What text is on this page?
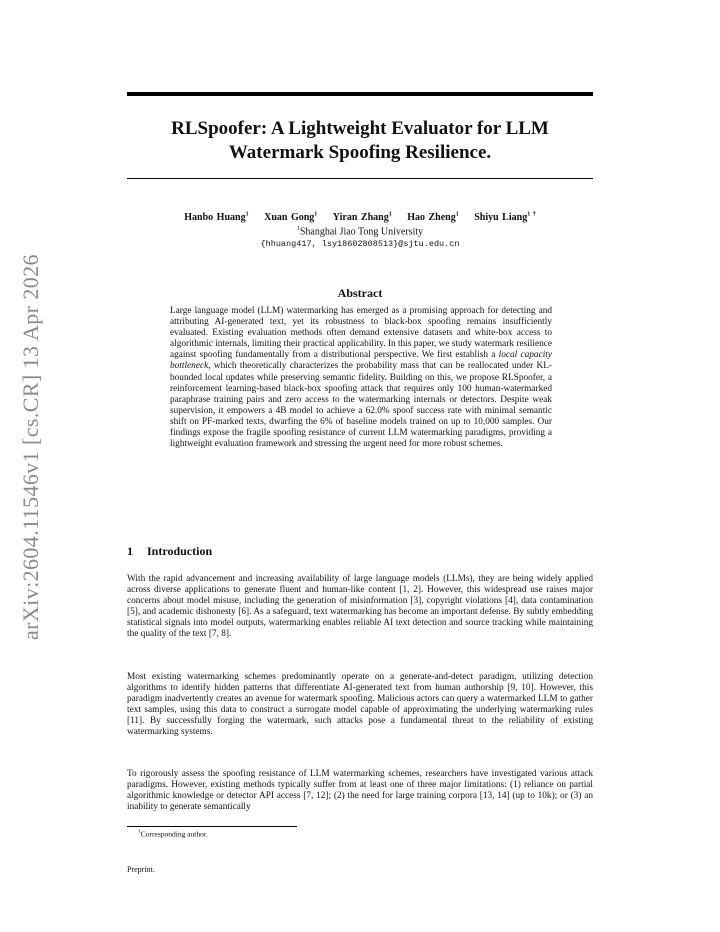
arXiv:2604.11546v1 [cs.CR] 13 Apr 2026
RLSpoofer: A Lightweight Evaluator for LLM Watermark Spoofing Resilience.
Hanbo Huang$^1$ Xuan Gong$^1$ Yiran Zhang$^1$ Hao Zheng$^1$ Shiyu Liang$^{1 \dagger}$
$^1$Shanghai Jiao Tong University
{hhuang417, lsy18602808513}@sjtu.edu.cn
Abstract
Large language model (LLM) watermarking has emerged as a promising approach for detecting and attributing AI-generated text, yet its robustness to black-box spoofing remains insufficiently evaluated. Existing evaluation methods often demand extensive datasets and white-box access to algorithmic internals, limiting their practical applicability. In this paper, we study watermark resilience against spoofing fundamentally from a distributional perspective. We first establish a local capacity bottleneck, which theoretically characterizes the probability mass that can be reallocated under KL-bounded local updates while preserving semantic fidelity. Building on this, we propose RLSpoofer, a reinforcement learning-based black-box spoofing attack that requires only 100 human-watermarked paraphrase training pairs and zero access to the watermarking internals or detectors. Despite weak supervision, it empowers a 4B model to achieve a 62.0% spoof success rate with minimal semantic shift on PF-marked texts, dwarfing the 6% of baseline models trained on up to 10,000 samples. Our findings expose the fragile spoofing resistance of current LLM watermarking paradigms, providing a lightweight evaluation framework and stressing the urgent need for more robust schemes.
1 Introduction
With the rapid advancement and increasing availability of large language models (LLMs), they are being widely applied across diverse applications to generate fluent and human-like content [1, 2]. However, this widespread use raises major concerns about model misuse, including the generation of misinformation [3], copyright violations [4], data contamination [5], and academic dishonesty [6]. As a safeguard, text watermarking has become an important defense. By subtly embedding statistical signals into model outputs, watermarking enables reliable AI text detection and source tracking while maintaining the quality of the text [7, 8].
Most existing watermarking schemes predominantly operate on a generate-and-detect paradigm, utilizing detection algorithms to identify hidden patterns that differentiate AI-generated text from human authorship [9, 10]. However, this paradigm inadvertently creates an avenue for watermark spoofing. Malicious actors can query a watermarked LLM to gather text samples, using this data to construct a surrogate model capable of approximating the underlying watermarking rules [11]. By successfully forging the watermark, such attacks pose a fundamental threat to the reliability of existing watermarking systems.
To rigorously assess the spoofing resistance of LLM watermarking schemes, researchers have investigated various attack paradigms. However, existing methods typically suffer from at least one of three major limitations: (1) reliance on partial algorithmic knowledge or detector API access [7, 12]; (2) the need for large training corpora [13, 14] (up to 10k); or (3) an inability to generate semantically
†Corresponding author.
Preprint.
